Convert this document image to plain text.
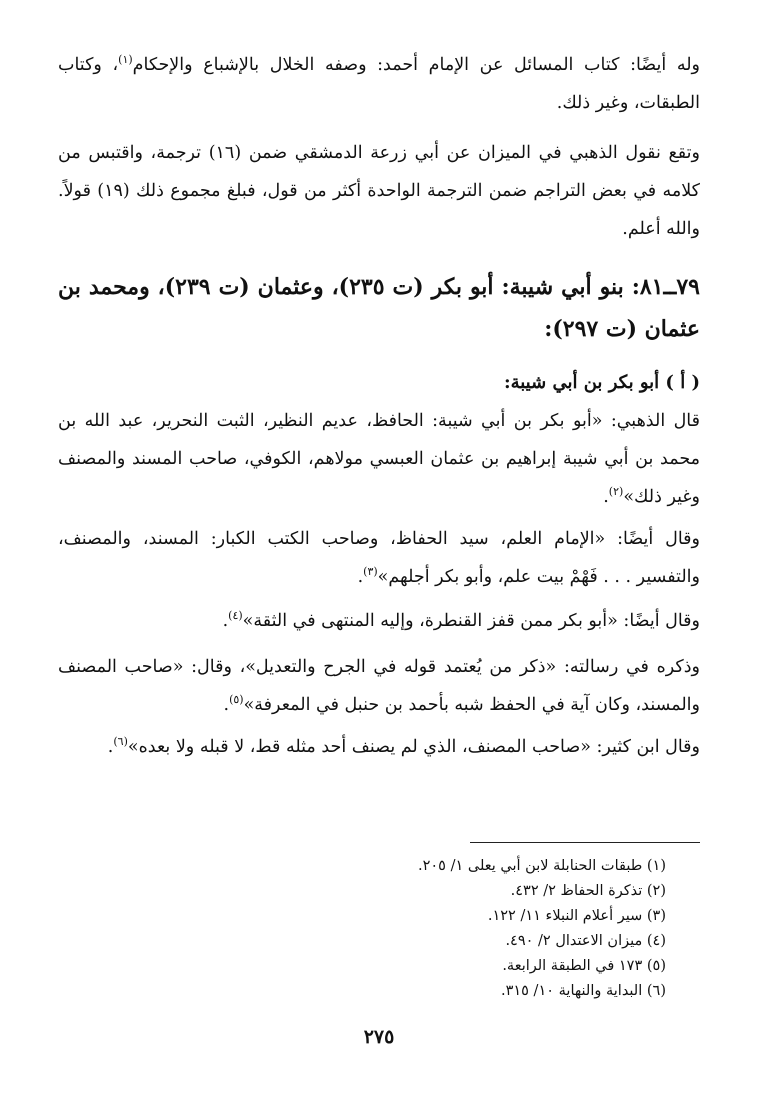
وله أيضًا: كتاب المسائل عن الإمام أحمد: وصفه الخلال بالإشباع والإحكام$^{(١)}$، وكتاب الطبقات، وغير ذلك.

وتقع نقول الذهبي في الميزان عن أبي زرعة الدمشقي ضمن (١٦) ترجمة، واقتبس من كلامه في بعض التراجم ضمن الترجمة الواحدة أكثر من قول، فبلغ مجموع ذلك (١٩) قولاً. والله أعلم.

٧٩ــ٨١: بنو أبي شيبة: أبو بكر (ت ٢٣٥)، وعثمان (ت ٢٣٩)، ومحمد بن عثمان (ت ٢٩٧):
( أ ) أبو بكر بن أبي شيبة:

قال الذهبي: «أبو بكر بن أبي شيبة: الحافظ، عديم النظير، الثبت النحرير، عبد الله بن محمد بن أبي شيبة إبراهيم بن عثمان العبسي مولاهم، الكوفي، صاحب المسند والمصنف وغير ذلك»$^{(٢)}$.

وقال أيضًا: «الإمام العلم، سيد الحفاظ، وصاحب الكتب الكبار: المسند، والمصنف، والتفسير . . . فَهْمْ بيت علم، وأبو بكر أجلهم»$^{(٣)}$.

وقال أيضًا: «أبو بكر ممن قفز القنطرة، وإليه المنتهى في الثقة»$^{(٤)}$.

وذكره في رسالته: «ذكر من يُعتمد قوله في الجرح والتعديل»، وقال: «صاحب المصنف والمسند، وكان آية في الحفظ شبه بأحمد بن حنبل في المعرفة»$^{(٥)}$.

وقال ابن كثير: «صاحب المصنف، الذي لم يصنف أحد مثله قط، لا قبله ولا بعده»$^{(٦)}$.

(١) طبقات الحنابلة لابن أبي يعلى ١/ ٢٠٥.
(٢) تذكرة الحفاظ ٢/ ٤٣٢.
(٣) سير أعلام النبلاء ١١/ ١٢٢.
(٤) ميزان الاعتدال ٢/ ٤٩٠.
(٥) ١٧٣ في الطبقة الرابعة.
(٦) البداية والنهاية ١٠/ ٣١٥.
٢٧٥
